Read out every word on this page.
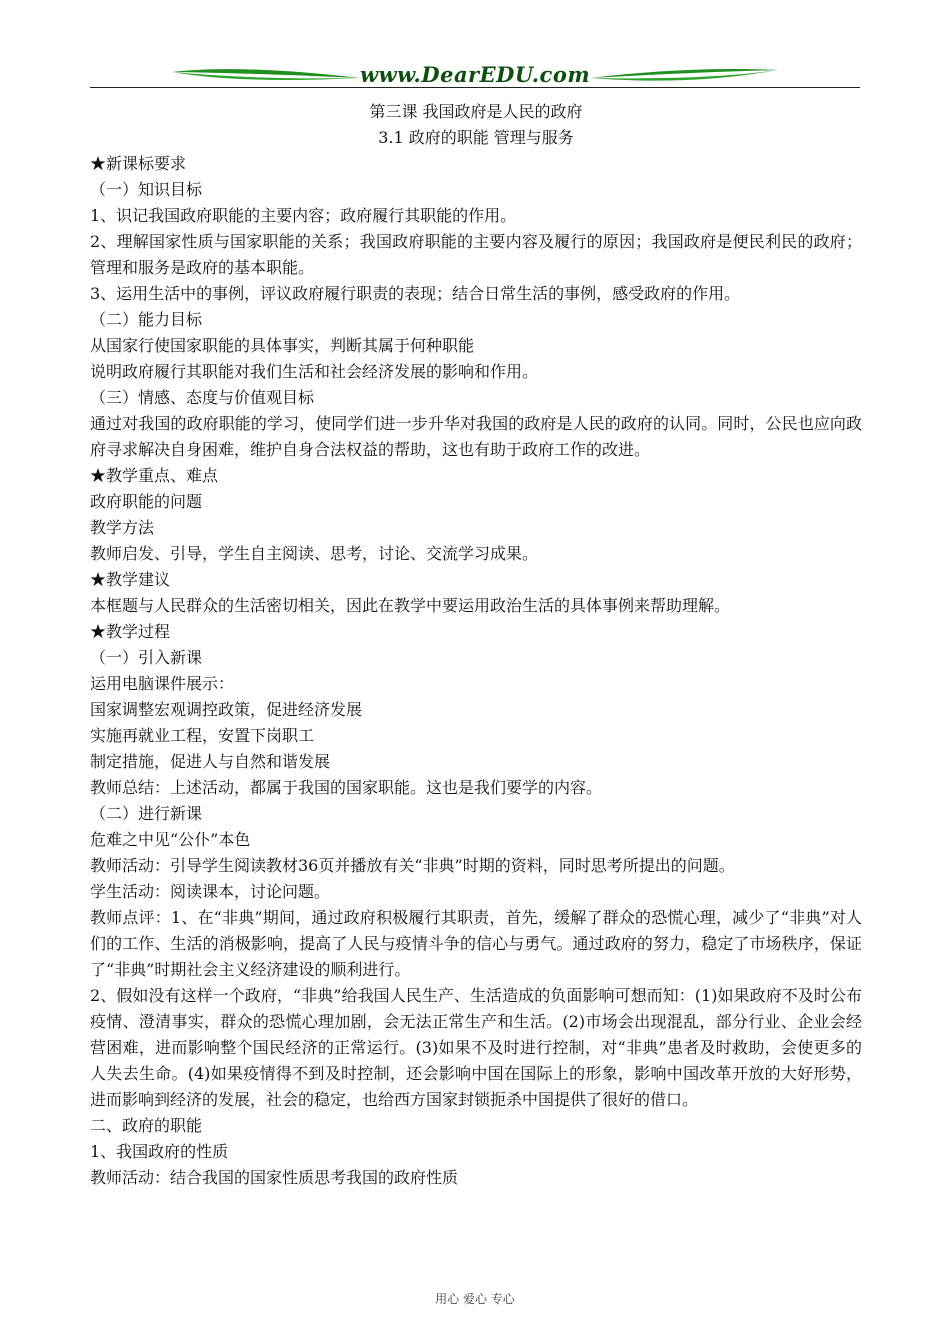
www.DearEDU.com
第三课 我国政府是人民的政府
3.1 政府的职能 管理与服务
★新课标要求
（一）知识目标
1、识记我国政府职能的主要内容；政府履行其职能的作用。
2、理解国家性质与国家职能的关系；我国政府职能的主要内容及履行的原因；我国政府是便民利民的政府；管理和服务是政府的基本职能。
3、运用生活中的事例，评议政府履行职责的表现；结合日常生活的事例，感受政府的作用。
（二）能力目标
从国家行使国家职能的具体事实，判断其属于何种职能
说明政府履行其职能对我们生活和社会经济发展的影响和作用。
（三）情感、态度与价值观目标
通过对我国的政府职能的学习，使同学们进一步升华对我国的政府是人民的政府的认同。同时，公民也应向政府寻求解决自身困难，维护自身合法权益的帮助，这也有助于政府工作的改进。
★教学重点、难点
政府职能的问题
教学方法
教师启发、引导，学生自主阅读、思考，讨论、交流学习成果。
★教学建议
本框题与人民群众的生活密切相关，因此在教学中要运用政治生活的具体事例来帮助理解。
★教学过程
（一）引入新课
运用电脑课件展示：
国家调整宏观调控政策，促进经济发展
实施再就业工程，安置下岗职工
制定措施，促进人与自然和谐发展
教师总结：上述活动，都属于我国的国家职能。这也是我们要学的内容。
（二）进行新课
危难之中见“公仆”本色
教师活动：引导学生阅读教材36页并播放有关“非典”时期的资料，同时思考所提出的问题。
学生活动：阅读课本，讨论问题。
教师点评：1、在“非典”期间，通过政府积极履行其职责，首先，缓解了群众的恐慌心理，减少了“非典”对人们的工作、生活的消极影响，提高了人民与疫情斗争的信心与勇气。通过政府的努力，稳定了市场秩序，保证了“非典”时期社会主义经济建设的顺利进行。
2、假如没有这样一个政府，“非典”给我国人民生产、生活造成的负面影响可想而知：(1)如果政府不及时公布疫情、澄清事实，群众的恐慌心理加剧，会无法正常生产和生活。(2)市场会出现混乱，部分行业、企业会经营困难，进而影响整个国民经济的正常运行。(3)如果不及时进行控制，对“非典”患者及时救助，会使更多的人失去生命。(4)如果疫情得不到及时控制，还会影响中国在国际上的形象，影响中国改革开放的大好形势，进而影响到经济的发展，社会的稳定，也给西方国家封锁扼杀中国提供了很好的借口。
二、政府的职能
1、我国政府的性质
教师活动：结合我国的国家性质思考我国的政府性质
用心 爱心 专心
